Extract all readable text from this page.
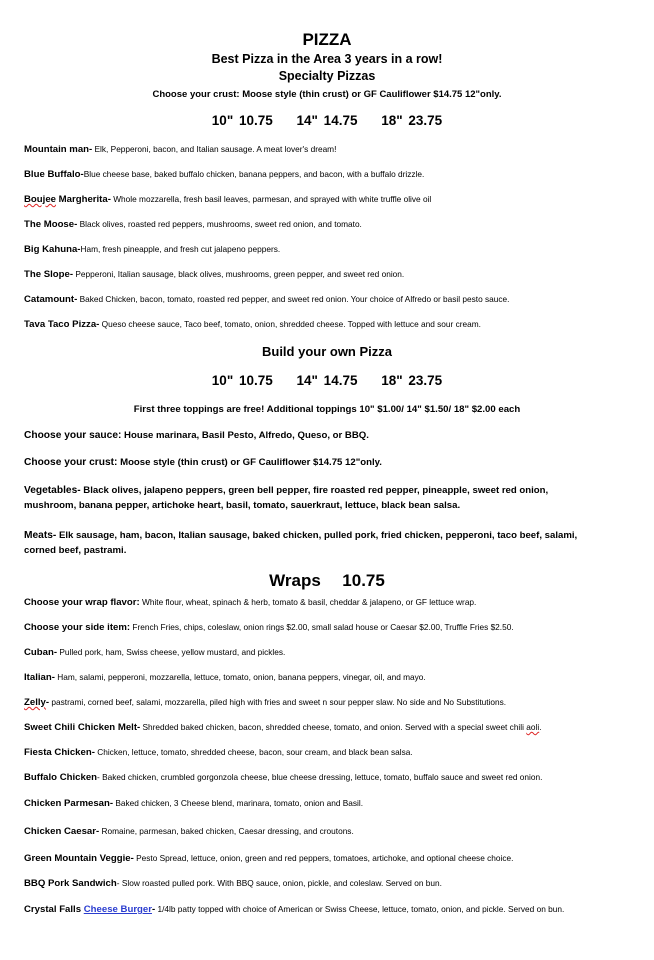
PIZZA
Best Pizza in the Area 3 years in a row!
Specialty Pizzas
Choose your crust: Moose style (thin crust) or GF Cauliflower $14.75 12"only.
10" 10.75 14" 14.75 18" 23.75
Mountain man- Elk, Pepperoni, bacon, and Italian sausage. A meat lover's dream!
Blue Buffalo-Blue cheese base, baked buffalo chicken, banana peppers, and bacon, with a buffalo drizzle.
Boujee Margherita- Whole mozzarella, fresh basil leaves, parmesan, and sprayed with white truffle olive oil
The Moose- Black olives, roasted red peppers, mushrooms, sweet red onion, and tomato.
Big Kahuna-Ham, fresh pineapple, and fresh cut jalapeno peppers.
The Slope- Pepperoni, Italian sausage, black olives, mushrooms, green pepper, and sweet red onion.
Catamount- Baked Chicken, bacon, tomato, roasted red pepper, and sweet red onion. Your choice of Alfredo or basil pesto sauce.
Tava Taco Pizza- Queso cheese sauce, Taco beef, tomato, onion, shredded cheese. Topped with lettuce and sour cream.
Build your own Pizza
10" 10.75 14" 14.75 18" 23.75
First three toppings are free! Additional toppings 10" $1.00/ 14" $1.50/ 18" $2.00 each
Choose your sauce: House marinara, Basil Pesto, Alfredo, Queso, or BBQ.
Choose your crust: Moose style (thin crust) or GF Cauliflower $14.75 12"only.
Vegetables- Black olives, jalapeno peppers, green bell pepper, fire roasted red pepper, pineapple, sweet red onion,
mushroom, banana pepper, artichoke heart, basil, tomato, sauerkraut, lettuce, black bean salsa.
Meats- Elk sausage, ham, bacon, Italian sausage, baked chicken, pulled pork, fried chicken, pepperoni, taco beef, salami,
corned beef, pastrami.
Wraps 10.75
Choose your wrap flavor: White flour, wheat, spinach & herb, tomato & basil, cheddar & jalapeno, or GF lettuce wrap.
Choose your side item: French Fries, chips, coleslaw, onion rings $2.00, small salad house or Caesar $2.00, Truffle Fries $2.50.
Cuban- Pulled pork, ham, Swiss cheese, yellow mustard, and pickles.
Italian- Ham, salami, pepperoni, mozzarella, lettuce, tomato, onion, banana peppers, vinegar, oil, and mayo.
Zelly- pastrami, corned beef, salami, mozzarella, piled high with fries and sweet n sour pepper slaw. No side and No Substitutions.
Sweet Chili Chicken Melt- Shredded baked chicken, bacon, shredded cheese, tomato, and onion. Served with a special sweet chili aoli.
Fiesta Chicken- Chicken, lettuce, tomato, shredded cheese, bacon, sour cream, and black bean salsa.
Buffalo Chicken- Baked chicken, crumbled gorgonzola cheese, blue cheese dressing, lettuce, tomato, buffalo sauce and sweet red onion.
Chicken Parmesan- Baked chicken, 3 Cheese blend, marinara, tomato, onion and Basil.
Chicken Caesar- Romaine, parmesan, baked chicken, Caesar dressing, and croutons.
Green Mountain Veggie- Pesto Spread, lettuce, onion, green and red peppers, tomatoes, artichoke, and optional cheese choice.
BBQ Pork Sandwich- Slow roasted pulled pork. With BBQ sauce, onion, pickle, and coleslaw. Served on bun.
Crystal Falls Cheese Burger- 1/4lb patty topped with choice of American or Swiss Cheese, lettuce, tomato, onion, and pickle. Served on bun.
